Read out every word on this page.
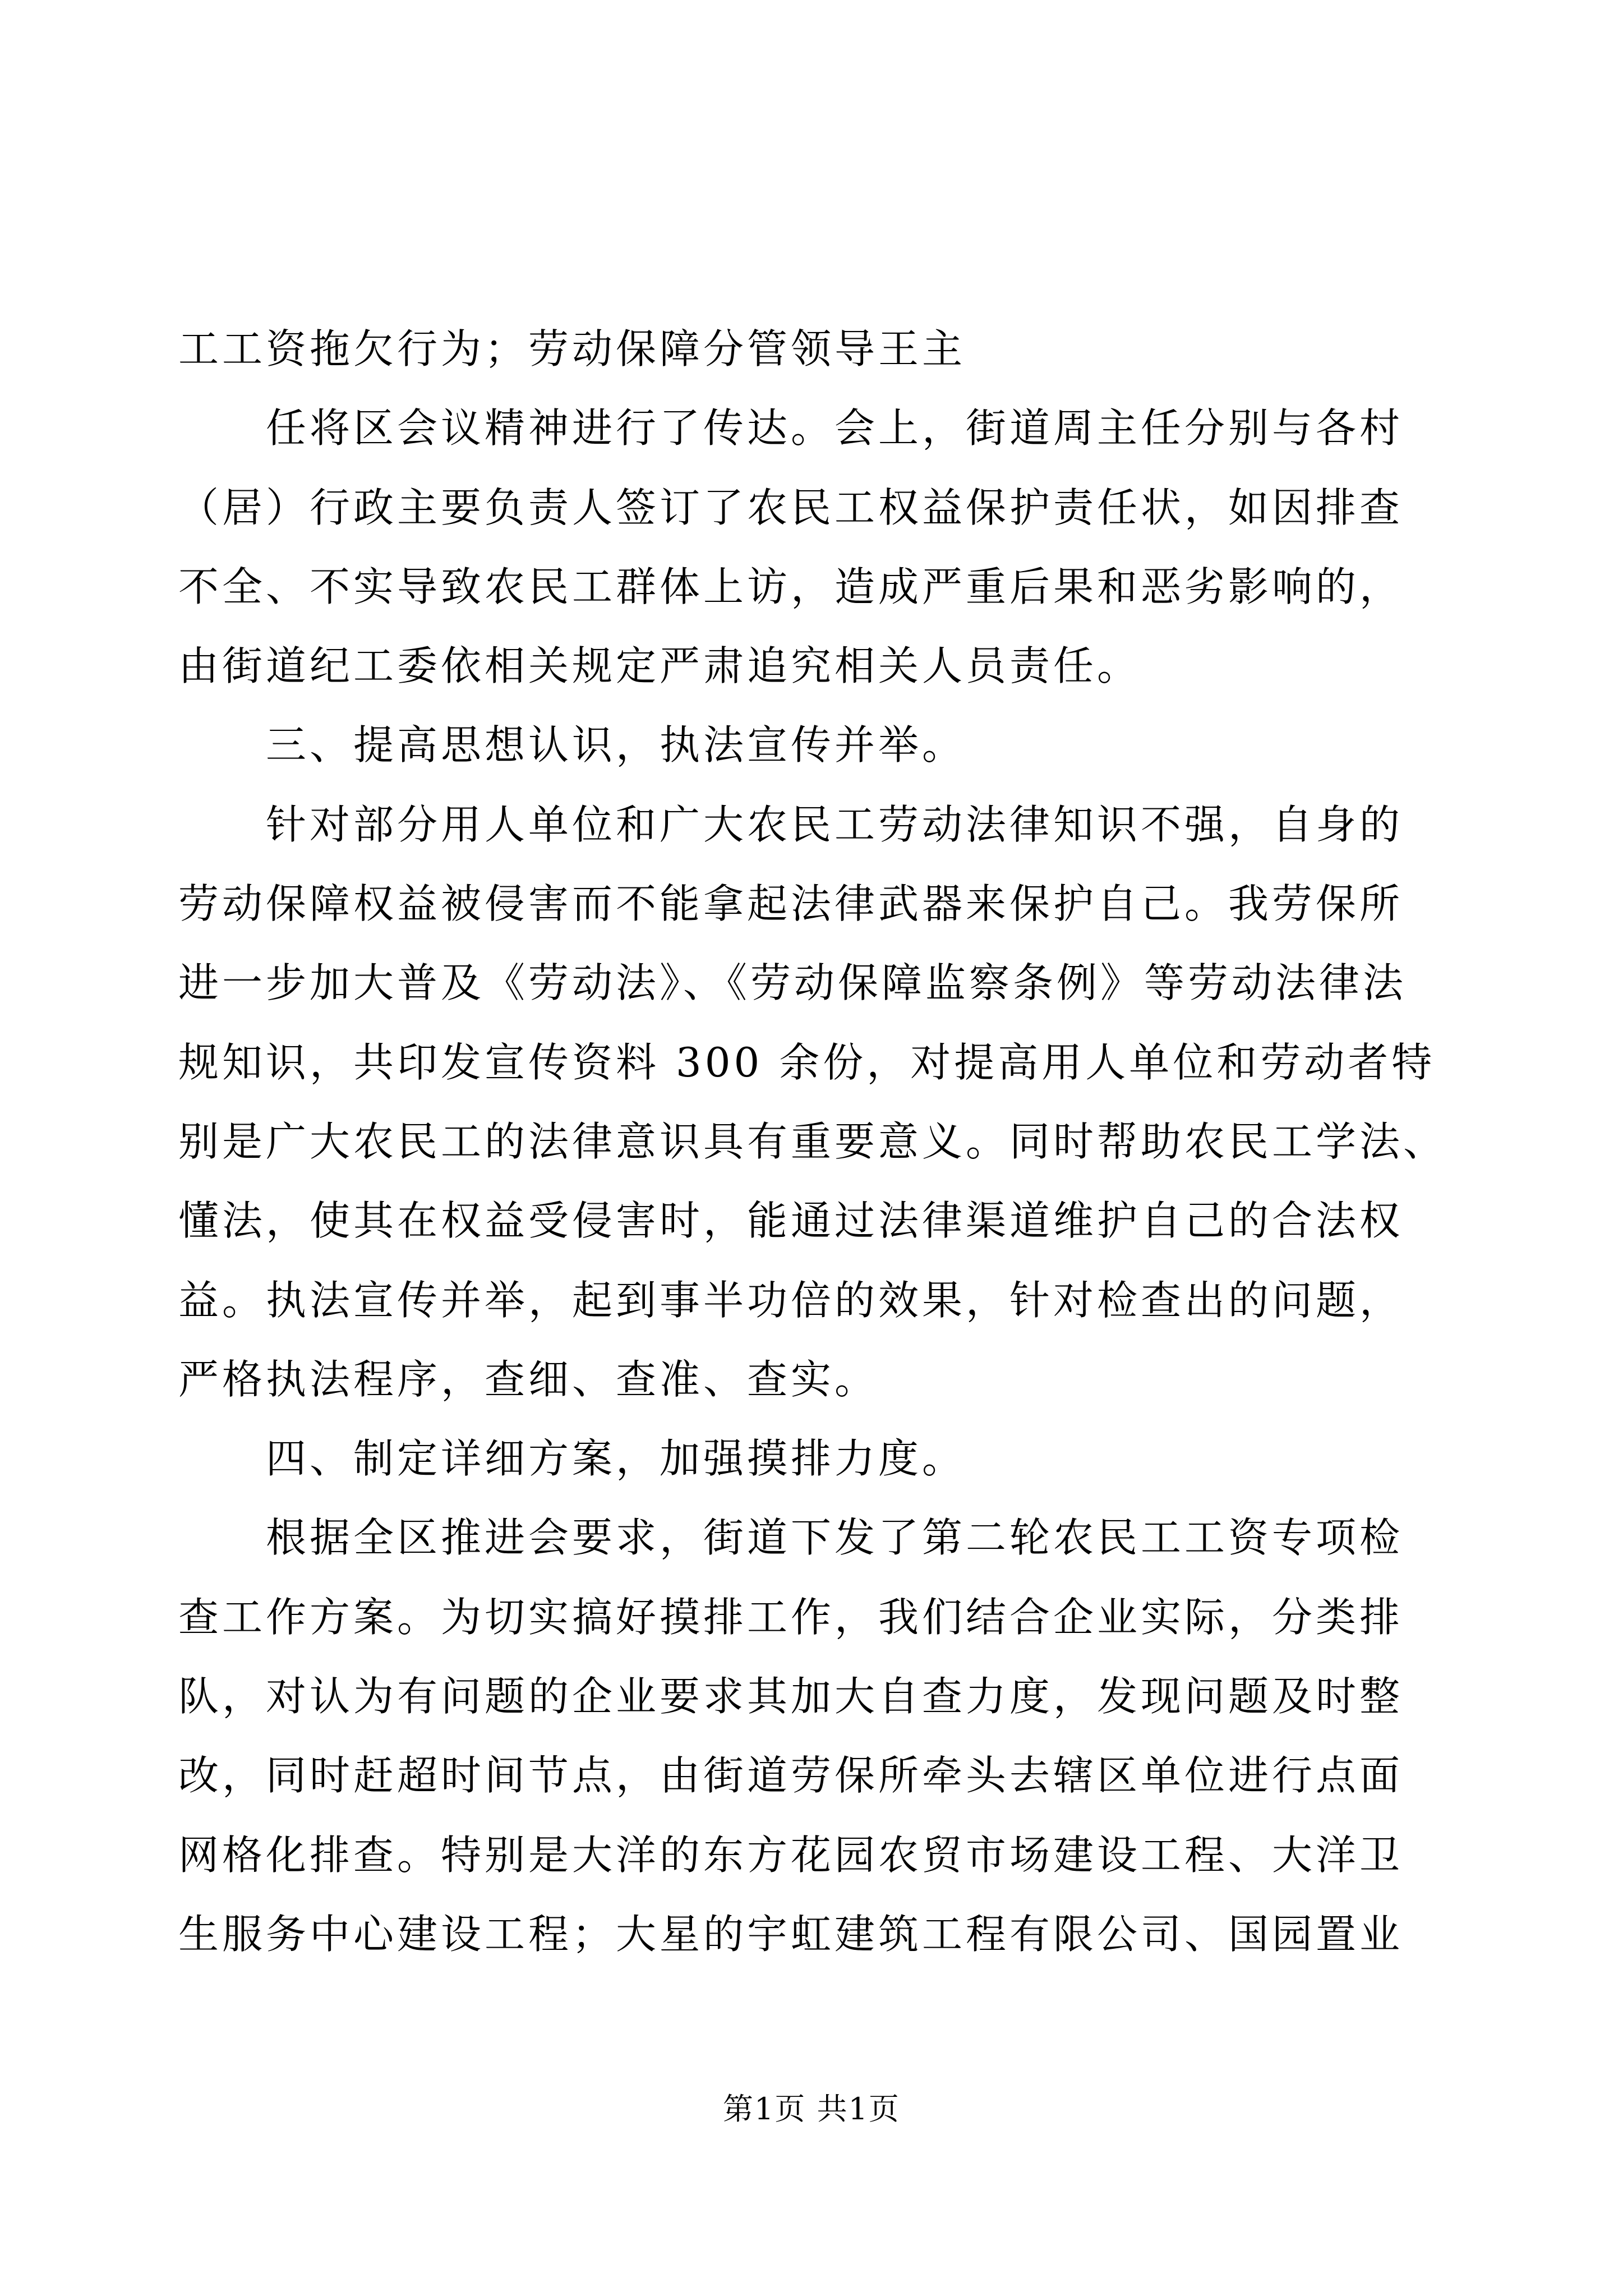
工工资拖欠行为；劳动保障分管领导王主
　　任将区会议精神进行了传达。会上，街道周主任分别与各村
（居）行政主要负责人签订了农民工权益保护责任状，如因排查
不全、不实导致农民工群体上访，造成严重后果和恶劣影响的，
由街道纪工委依相关规定严肃追究相关人员责任。
　　三、提高思想认识，执法宣传并举。
　　针对部分用人单位和广大农民工劳动法律知识不强，自身的
劳动保障权益被侵害而不能拿起法律武器来保护自己。我劳保所
进一步加大普及《劳动法》、《劳动保障监察条例》等劳动法律法
规知识，共印发宣传资料 300 余份，对提高用人单位和劳动者特
别是广大农民工的法律意识具有重要意义。同时帮助农民工学法、
懂法，使其在权益受侵害时，能通过法律渠道维护自己的合法权
益。执法宣传并举，起到事半功倍的效果，针对检查出的问题，
严格执法程序，查细、查准、查实。
　　四、制定详细方案，加强摸排力度。
　　根据全区推进会要求，街道下发了第二轮农民工工资专项检
查工作方案。为切实搞好摸排工作，我们结合企业实际，分类排
队，对认为有问题的企业要求其加大自查力度，发现问题及时整
改，同时赶超时间节点，由街道劳保所牵头去辖区单位进行点面
网格化排查。特别是大洋的东方花园农贸市场建设工程、大洋卫
生服务中心建设工程；大星的宇虹建筑工程有限公司、国园置业
第1页 共1页
